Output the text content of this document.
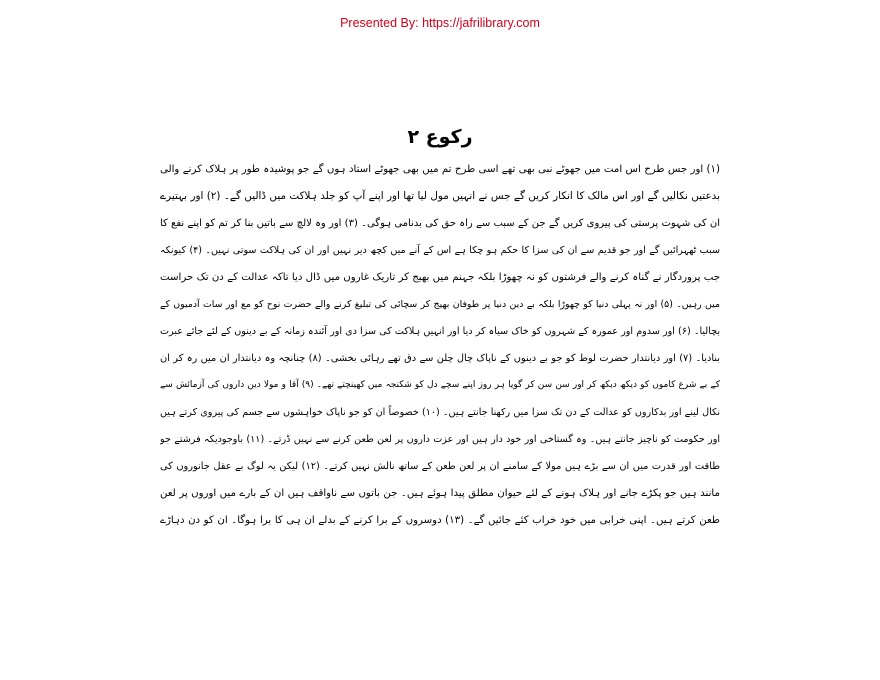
Presented By: https://jafrilibrary.com
رکوع ۲
(۱) اور جس طرح اس امت میں جھوٹے نبی بھی تھے اسی طرح تم میں بھی جھوٹے استاد ہوں گے جو پوشیدہ طور پر ہلاک کرنے والی
بدعتیں نکالیں گے اور اس مالک کا انکار کریں گے جس نے انہیں مول لیا تھا اور اپنے آپ کو جلد ہلاکت میں ڈالیں گے۔ (۲) اور بہتیرے
ان کی شہوت پرستی کی پیروی کریں گے جن کے سبب سے راہ حق کی بدنامی ہوگی۔ (۳) اور وہ لالچ سے باتیں بنا کر تم کو اپنے نفع کا
سبب ٹھہرائیں گے اور جو قدیم سے ان کی سزا کا حکم ہو چکا ہے اس کے آنے میں کچھ دیر نہیں اور ان کی ہلاکت سوتی نہیں۔ (۴) کیونکہ
جب پروردگار نے گناہ کرنے والے فرشتوں کو نہ چھوڑا بلکہ جہنم میں بھیج کر تاریک غاروں میں ڈال دیا تاکہ عدالت کے دن تک حراست
میں رہیں۔ (۵) اور نہ پہلی دنیا کو چھوڑا بلکہ بے دین دنیا پر طوفان بھیج کر سچائی کی تبلیغ کرنے والے حضرت نوح کو مع اور سات آدمیوں کے
بچالیا۔ (۶) اور سدوم اور عمورہ کے شہروں کو خاک سیاہ کر دیا اور انہیں ہلاکت کی سزا دی اور آئندہ زمانہ کے بے دینوں کے لئے جائے عبرت
بنادیا۔ (۷) اور دیانتدار حضرت لوط کو جو بے دینوں کے ناپاک چال چلن سے دق تھے رہائی بخشی۔ (۸) چنانچہ وہ دیانتدار ان میں رہ کر ان
کے بے شرع کاموں کو دیکھ دیکھ کر اور سن سن کر گویا ہر روز اپنے سچے دل کو شکنجہ میں کھینچتے تھے۔ (۹) آقا و مولا دین داروں کی آزمائش سے
نکال لینے اور بدکاروں کو عدالت کے دن تک سزا میں رکھنا جانتے ہیں۔ (۱۰) خصوصاً ان کو جو ناپاک خواہشوں سے جسم کی پیروی کرتے ہیں
اور حکومت کو ناچیز جانتے ہیں۔ وہ گستاخی اور خود دار ہیں اور عزت داروں پر لعن طعن کرنے سے نہیں ڈرتے۔ (۱۱) باوجودیکہ فرشتے جو
طاقت اور قدرت میں ان سے بڑے ہیں مولا کے سامنے ان پر لعن طعن کے ساتھ نالش نہیں کرتے۔ (۱۲) لیکن یہ لوگ بے عقل جانوروں کی
مانند ہیں جو پکڑے جانے اور ہلاک ہونے کے لئے حیوان مطلق پیدا ہوئے ہیں۔ جن باتوں سے ناواقف ہیں ان کے بارے میں اوروں پر لعن
طعن کرتے ہیں۔ اپنی خرابی میں خود خراب کئے جائیں گے۔ (۱۳) دوسروں کے برا کرنے کے بدلے ان ہی کا برا ہوگا۔ ان کو دن دہاڑے
